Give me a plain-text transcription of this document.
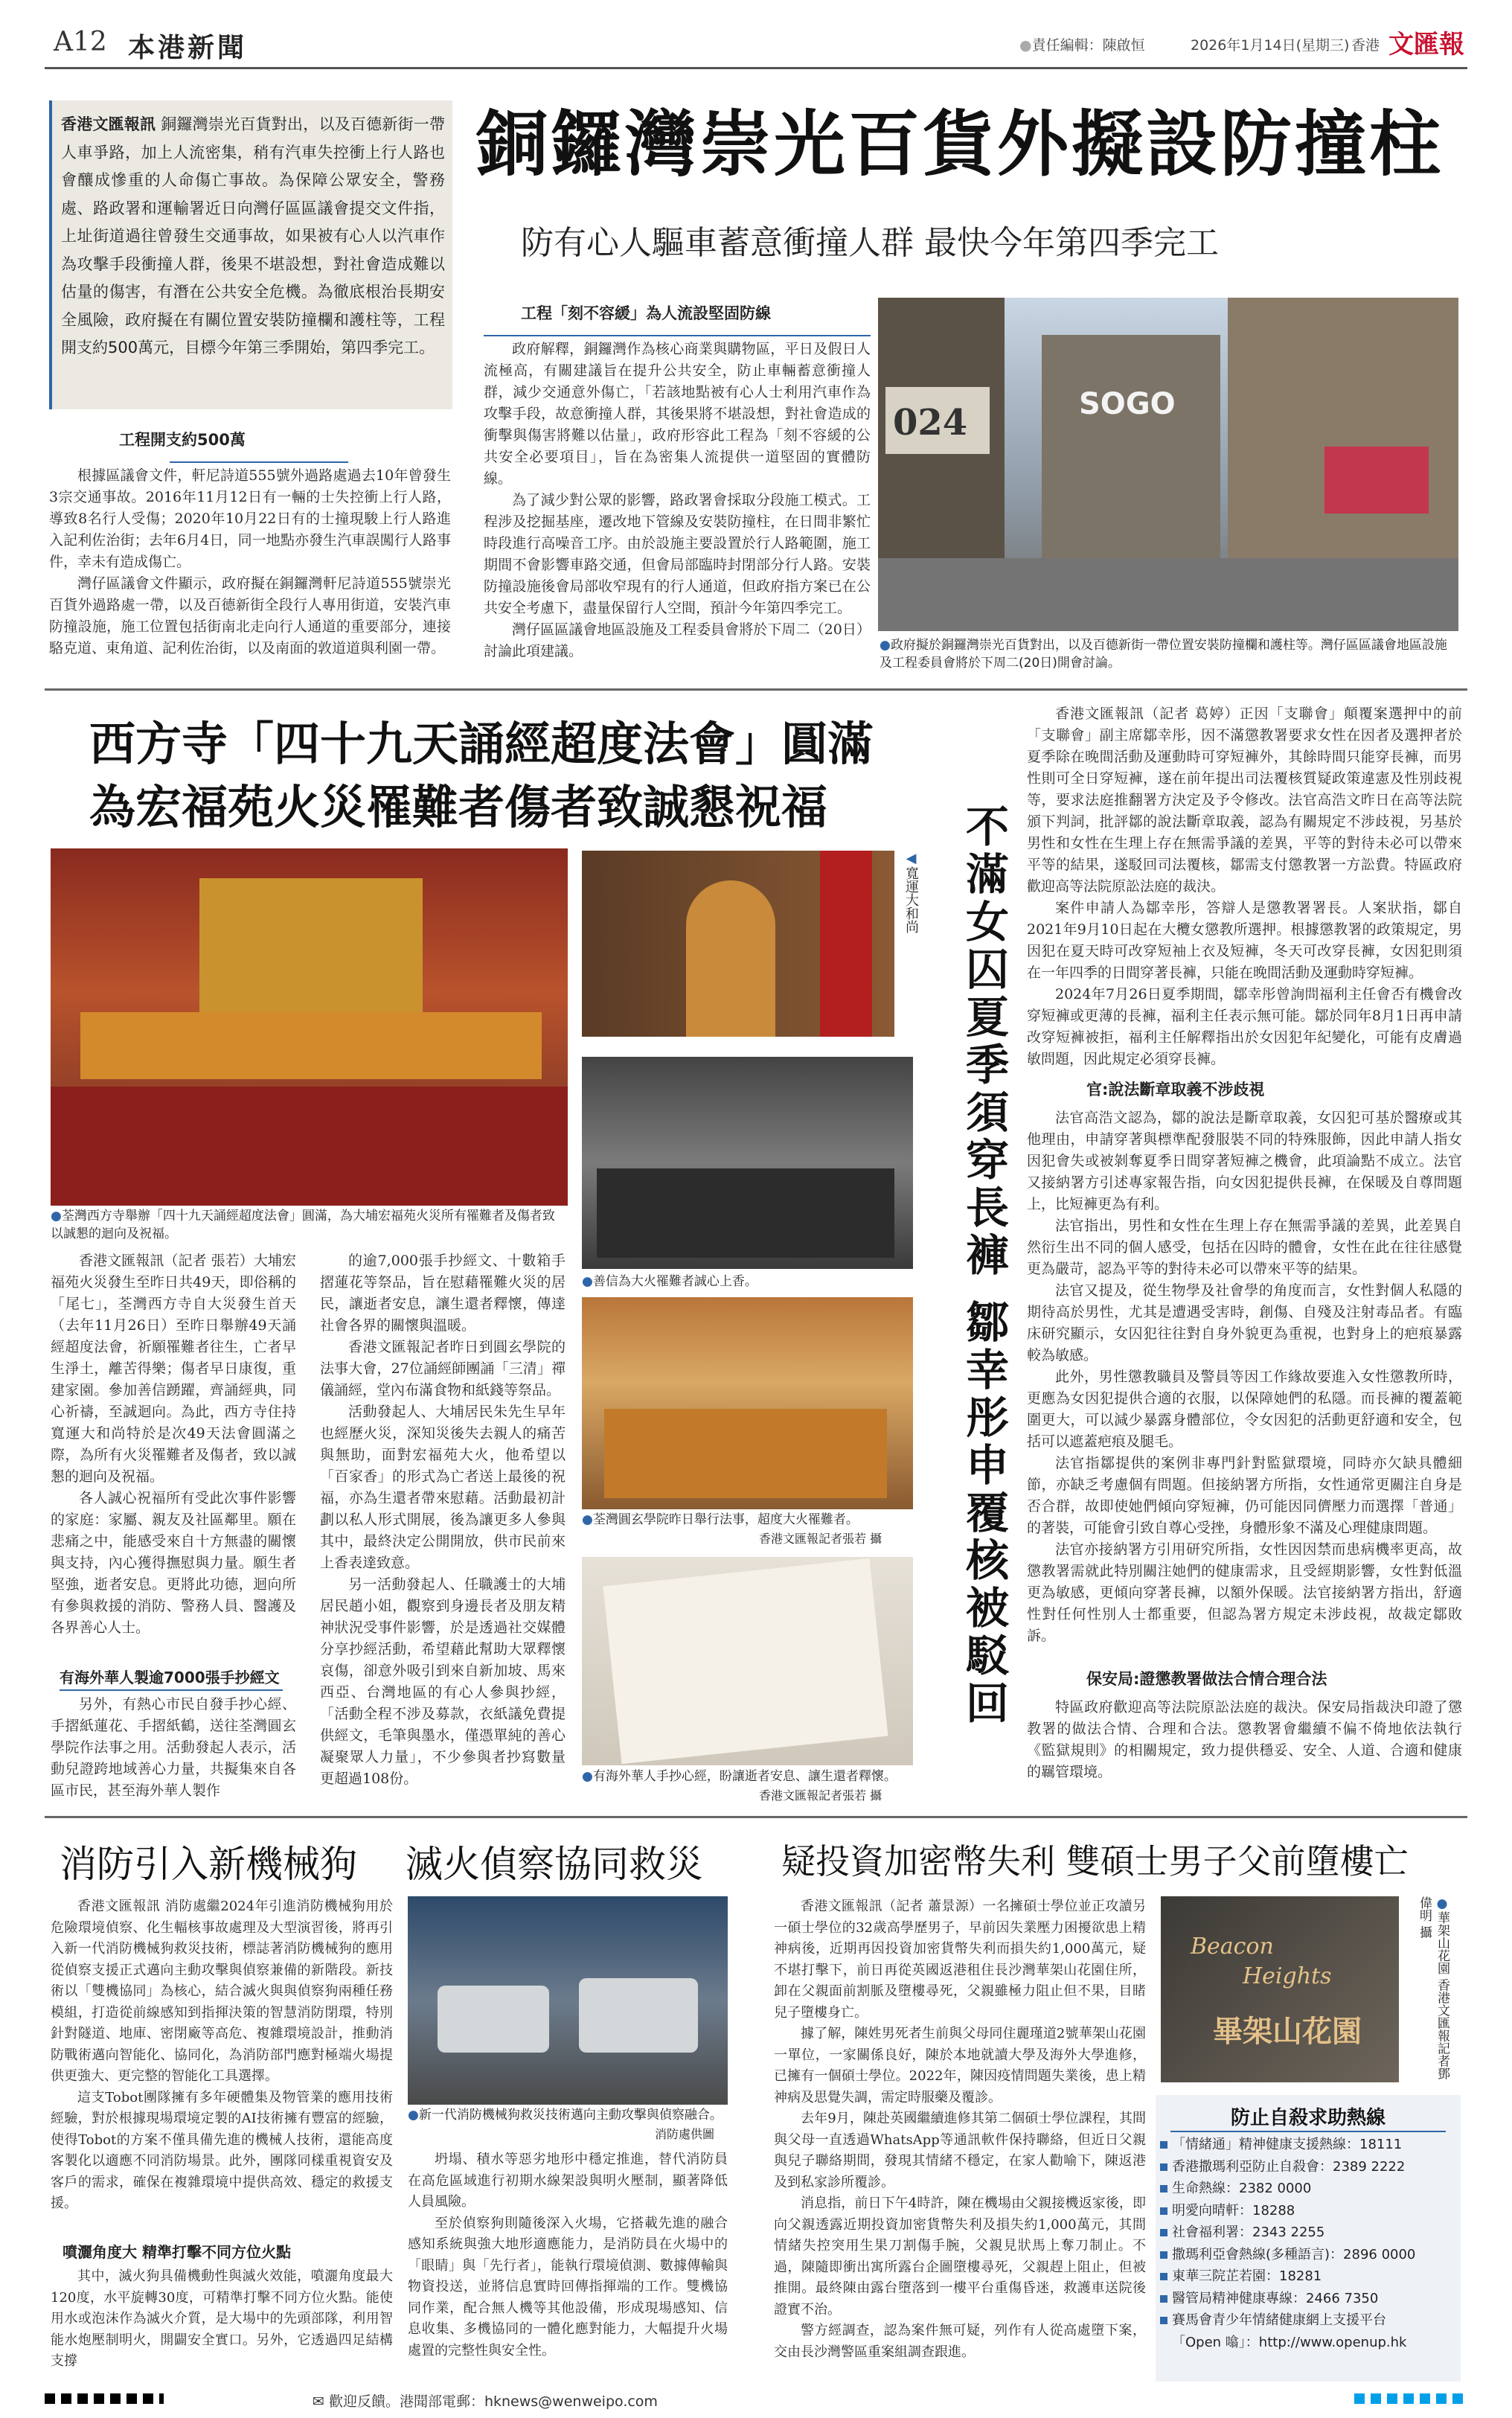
A12 本港新聞	●責任編輯：陳啟恒	2026年1月14日(星期三) 香港 文匯報
香港文匯報訊 銅鑼灣崇光百貨對出，以及百德新街一帶人車爭路，加上人流密集，稍有汽車失控衝上行人路也會釀成慘重的人命傷亡事故。為保障公眾安全，警務處、路政署和運輸署近日向灣仔區區議會提交文件指，上址街道過往曾發生交通事故，如果被有心人以汽車作為攻擊手段衝撞人群，後果不堪設想，對社會造成難以估量的傷害，有潛在公共安全危機。為徹底根治長期安全風險，政府擬在有關位置安裝防撞欄和護柱等，工程開支約500萬元，目標今年第三季開始，第四季完工。
銅鑼灣崇光百貨外擬設防撞柱
防有心人驅車蓄意衝撞人群 最快今年第四季完工
工程開支約500萬

根據區議會文件，軒尼詩道555號外過路處過去10年曾發生3宗交通事故。2016年11月12日有一輛的士失控衝上行人路，導致8名行人受傷；2020年10月22日有的士撞現駿上行人路進入記利佐治街；去年6月4日，同一地點亦發生汽車誤闖行人路事件，幸未有造成傷亡。

灣仔區議會文件顯示，政府擬在銅鑼灣軒尼詩道555號崇光百貨外過路處一帶，以及百德新街全段行人專用街道，安裝汽車防撞設施，施工位置包括街南北走向行人通道的重要部分，連接駱克道、東角道、記利佐治街，以及南面的敦道道與利園一帶。

工程「刻不容緩」為人流設堅固防線

政府解釋，銅鑼灣作為核心商業與購物區，平日及假日人流極高，有關建議旨在提升公共安全，防止車輛蓄意衝撞人群，減少交通意外傷亡，「若該地點被有心人士利用汽車作為攻擊手段，故意衝撞人群，其後果將不堪設想，對社會造成的衝擊與傷害將難以估量」，政府形容此工程為「刻不容緩的公共安全必要項目」，旨在為密集人流提供一道堅固的實體防線。

為了減少對公眾的影響，路政署會採取分段施工模式。工程涉及挖掘基座，遷改地下管線及安裝防撞柱，在日間非繁忙時段進行高噪音工序。由於設施主要設置於行人路範圍，施工期間不會影響車路交通，但會局部臨時封閉部分行人路。安裝防撞設施後會局部收窄現有的行人通道，但政府指方案已在公共安全考慮下，盡量保留行人空間，預計今年第四季完工。

灣仔區區議會地區設施及工程委員會將於下周二（20日）討論此項建議。

024	SOGO
●政府擬於銅鑼灣崇光百貨對出，以及百德新街一帶位置安裝防撞欄和護柱等。灣仔區區議會地區設施及工程委員會將於下周二(20日)開會討論。
西方寺「四十九天誦經超度法會」圓滿
為宏福苑火災罹難者傷者致誠懇祝福
●荃灣西方寺舉辦「四十九天誦經超度法會」圓滿，為大埔宏福苑火災所有罹難者及傷者致以誠懇的迴向及祝福。
◀寬運大和尚
●善信為大火罹難者誠心上香。
●荃灣圓玄學院昨日舉行法事，超度大火罹難者。
香港文匯報記者張若 攝
●有海外華人手抄心經，盼讓逝者安息、讓生還者釋懷。
香港文匯報記者張若 攝

香港文匯報訊（記者 張若）大埔宏福苑火災發生至昨日共49天，即俗稱的「尾七」，荃灣西方寺自大災發生首天（去年11月26日）至昨日舉辦49天誦經超度法會，祈願罹難者往生，亡者早生淨土，離苦得樂；傷者早日康復，重建家園。參加善信踴躍，齊誦經典，同心祈禱，至誠迴向。為此，西方寺住持寬運大和尚特於是次49天法會圓滿之際，為所有火災罹難者及傷者，致以誠懇的迴向及祝福。

各人誠心祝福所有受此次事件影響的家庭：家屬、親友及社區鄰里。願在悲痛之中，能感受來自十方無盡的關懷與支持，內心獲得撫慰與力量。願生者堅強，逝者安息。更將此功德，迴向所有參與救援的消防、警務人員、醫護及各界善心人士。

有海外華人製逾7000張手抄經文

另外，有熱心市民自發手抄心經、手摺紙蓮花、手摺紙鶴，送往荃灣圓玄學院作法事之用。活動發起人表示，活動兒證跨地域善心力量，共擬集來自各區市民，甚至海外華人製作

的逾7,000張手抄經文、十數箱手摺蓮花等祭品，旨在慰藉罹難火災的居民，讓逝者安息，讓生還者釋懷，傳達社會各界的關懷與溫暖。

香港文匯報記者昨日到圓玄學院的法事大會，27位誦經師團誦「三清」禪儀誦經，堂內布滿食物和紙錢等祭品。

活動發起人、大埔居民朱先生早年也經歷火災，深知災後失去親人的痛苦與無助，面對宏福苑大火，他希望以「百家香」的形式為亡者送上最後的祝福，亦為生還者帶來慰藉。活動最初計劃以私人形式開展，後為讓更多人參與其中，最終決定公開開放，供市民前來上香表達致意。

另一活動發起人、任職護士的大埔居民趙小姐，觀察到身邊長者及朋友精神狀況受事件影響，於是透過社交媒體分享抄經活動，希望藉此幫助大眾釋懷哀傷，卻意外吸引到來自新加坡、馬來西亞、台灣地區的有心人參與抄經，「活動全程不涉及募款，衣紙議免費提供經文，毛筆與墨水，僅憑單純的善心凝聚眾人力量」，不少參與者抄寫數量更超過108份。

不滿女囚夏季須穿長褲 鄒幸彤申覆核被駁回

香港文匯報訊（記者 葛婷）正因「支聯會」顛覆案選押中的前「支聯會」副主席鄒幸彤，因不滿懲教署要求女性在因者及選押者於夏季除在晚間活動及運動時可穿短褲外，其餘時間只能穿長褲，而男性則可全日穿短褲，遂在前年提出司法覆核質疑政策違憲及性別歧視等，要求法庭推翻署方決定及予令修改。法官高浩文昨日在高等法院頒下判詞，批評鄒的說法斷章取義，認為有關規定不涉歧視，另基於男性和女性在生理上存在無需爭議的差異，平等的對待未必可以帶來平等的結果，遂駁回司法覆核，鄒需支付懲教署一方訟費。特區政府歡迎高等法院原訟法庭的裁決。

案件申請人為鄒幸彤，答辯人是懲教署署長。人案狀指，鄒自2021年9月10日起在大欖女懲教所選押。根據懲教署的政策規定，男因犯在夏天時可改穿短袖上衣及短褲，冬天可改穿長褲，女因犯則須在一年四季的日間穿著長褲，只能在晚間活動及運動時穿短褲。

2024年7月26日夏季期間，鄒幸彤曾詢問福利主任會否有機會改穿短褲或更薄的長褲，福利主任表示無可能。鄒於同年8月1日再申請改穿短褲被拒，福利主任解釋指出於女因犯年紀變化，可能有皮膚過敏問題，因此規定必須穿長褲。

官:說法斷章取義不涉歧視

法官高浩文認為，鄒的說法是斷章取義，女囚犯可基於醫療或其他理由，申請穿著與標準配發服裝不同的特殊服飾，因此申請人指女因犯會失或被剝奪夏季日間穿著短褲之機會，此項論點不成立。法官又接納署方引述專家報告指，向女因犯提供長褲，在保暖及自尊問題上，比短褲更為有利。

法官指出，男性和女性在生理上存在無需爭議的差異，此差異自然衍生出不同的個人感受，包括在囚時的體會，女性在此在往往感覺更為嚴苛，認為平等的對待未必可以帶來平等的結果。

法官又提及，從生物學及社會學的角度而言，女性對個人私隱的期待高於男性，尤其是遭遇受害時，創傷、自殘及注射毒品者。有臨床研究顯示，女囚犯往往對自身外貌更為重視，也對身上的疤痕暴露較為敏感。

此外，男性懲教職員及警員等因工作緣故要進入女性懲教所時，更應為女因犯提供合適的衣服，以保障她們的私隱。而長褲的覆蓋範圍更大，可以減少暴露身體部位，令女因犯的活動更舒適和安全，包括可以遮蓋疤痕及腿毛。

法官指鄒提供的案例非專門針對監獄環境，同時亦欠缺具體細節，亦缺乏考慮個有問題。但接納署方所指，女性通常更關注自身是否合群，故即使她們傾向穿短褲，仍可能因同儕壓力而選擇「普通」的著裝，可能會引致自尊心受挫，身體形象不滿及心理健康問題。

法官亦接納署方引用研究所指，女性因因禁而患病機率更高，故懲教署需就此特別關注她們的健康需求，且受經期影響，女性對低溫更為敏感，更傾向穿著長褲，以額外保暖。法官接納署方指出，舒適性對任何性別人士都重要，但認為署方規定未涉歧視，故裁定鄒敗訴。

保安局:證懲教署做法合情合理合法

特區政府歡迎高等法院原訟法庭的裁決。保安局指裁決印證了懲教署的做法合情、合理和合法。懲教署會繼續不偏不倚地依法執行《監獄規則》的相關規定，致力提供穩妥、安全、人道、合適和健康的羈管環境。

消防引入新機械狗 滅火偵察協同救災

香港文匯報訊 消防處繼2024年引進消防機械狗用於危險環境偵察、化生輻核事故處理及大型演習後，將再引入新一代消防機械狗救災技術，標誌著消防機械狗的應用從偵察支援正式邁向主動攻擊與偵察兼備的新階段。新技術以「雙機協同」為核心，結合滅火與與偵察狗兩種任務模組，打造從前線感知到指揮決策的智慧消防閉環，特別針對隧道、地庫、密閉廠等高危、複雜環境設計，推動消防戰術邁向智能化、協同化，為消防部門應對極端火場提供更強大、更完整的智能化工具選擇。

這支Tobot團隊擁有多年硬體集及物管業的應用技術經驗，對於根據現場環境定製的AI技術擁有豐富的經驗，使得Tobot的方案不僅具備先進的機械人技術，還能高度客製化以適應不同消防場景。此外，團隊同樣重視資安及客戶的需求，確保在複雜環境中提供高效、穩定的救援支援。

噴灑角度大 精準打擊不同方位火點

其中，滅火狗具備機動性與滅火效能，噴灑角度最大120度，水平旋轉30度，可精準打擊不同方位火點。能使用水或泡沫作為滅火介質，是大場中的先頭部隊，利用智能水炮壓制明火，開闢安全實口。另外，它透過四足結構支撐

●新一代消防機械狗救災技術邁向主動攻擊與偵察融合。
消防處供圖

坍塌、積水等惡劣地形中穩定推進，替代消防員在高危區域進行初期水線架設與明火壓制，顯著降低人員風險。

至於偵察狗則隨後深入火場，它搭載先進的融合感知系統與強大地形適應能力，是消防員在火場中的「眼睛」與「先行者」，能執行環境偵測、數據傳輸與物資投送，並將信息實時回傳指揮端的工作。雙機協同作業，配合無人機等其他設備，形成現場感知、信息收集、多機協同的一體化應對能力，大幅提升火場處置的完整性與安全性。

疑投資加密幣失利 雙碩士男子父前墮樓亡

香港文匯報訊（記者 蕭景源）一名擁碩士學位並正攻讀另一碩士學位的32歲高學歷男子，早前因失業壓力困擾欲患上精神病後，近期再因投資加密貨幣失利而損失約1,000萬元，疑不堪打擊下，前日再從英國返港租住長沙灣華架山花園住所，卸在父親面前割脈及墮樓尋死，父親雖極力阻止但不果，目睹兒子墮樓身亡。

據了解，陳姓男死者生前與父母同住麗瑾道2號華架山花園一單位，一家關係良好，陳於本地就讀大學及海外大學進修，已擁有一個碩士學位。2022年，陳因疫情問題失業後，患上精神病及思覺失調，需定時服藥及覆診。

去年9月，陳赴英國繼續進修其第二個碩士學位課程，其間與父母一直透過WhatsApp等通訊軟件保持聯絡，但近日父親與兒子聯絡期間，發現其情緒不穩定，在家人勸喻下，陳返港及到私家診所覆診。

消息指，前日下午4時許，陳在機場由父親接機返家後，即向父親透露近期投資加密貨幣失利及損失約1,000萬元，其間情緒失控突用生果刀割傷手腕，父親見狀馬上奪刀制止。不過，陳隨即衝出寓所露台企圖墮樓尋死，父親趕上阻止，但被推開。最終陳由露台墮落到一樓平台重傷昏迷，救護車送院後證實不治。

警方經調查，認為案件無可疑，列作有人從高處墮下案，交由長沙灣警區重案組調查跟進。

Beacon
Heights
畢架山花園
●華架山花園 香港文匯報記者鄧偉明 攝
防止自殺求助熱線
「情緒通」精神健康支援熱線：18111
香港撒瑪利亞防止自殺會：2389 2222
生命熱線：2382 0000
明愛向晴軒：18288
社會福利署：2343 2255
撒瑪利亞會熱線(多種語言)：2896 0000
東華三院芷若園：18281
醫管局精神健康專線：2466 7350
賽馬會青少年情緒健康網上支援平台
「Open 噏」：http://www.openup.hk
✉ 歡迎反饋。港聞部電郵：hknews@wenweipo.com
